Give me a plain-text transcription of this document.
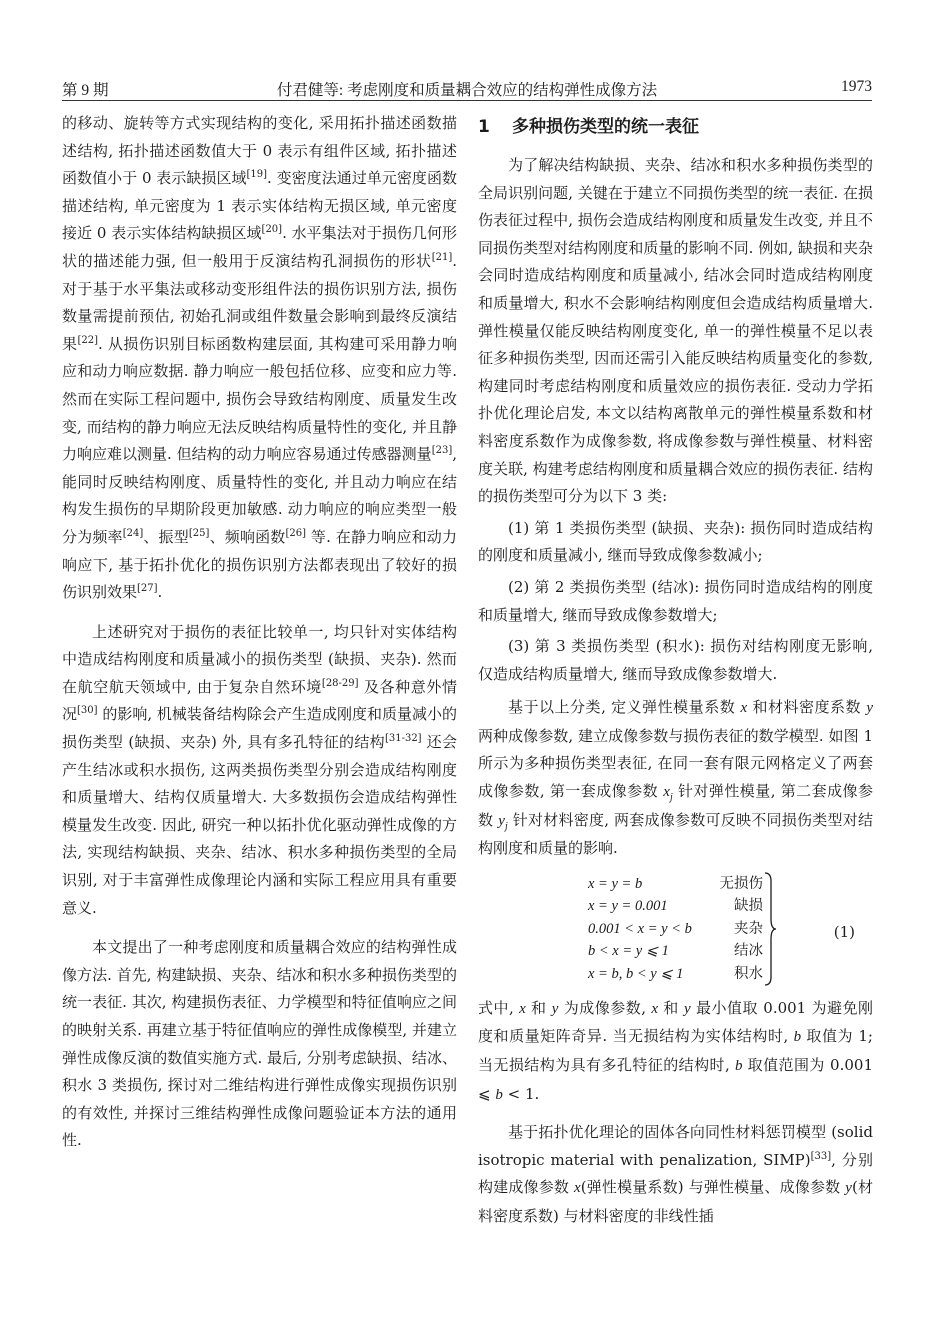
第 9 期	付君健等: 考虑刚度和质量耦合效应的结构弹性成像方法	1973

的移动、旋转等方式实现结构的变化, 采用拓扑描述函数描述结构, 拓扑描述函数值大于 0 表示有组件区域, 拓扑描述函数值小于 0 表示缺损区域[19]. 变密度法通过单元密度函数描述结构, 单元密度为 1 表示实体结构无损区域, 单元密度接近 0 表示实体结构缺损区域[20]. 水平集法对于损伤几何形状的描述能力强, 但一般用于反演结构孔洞损伤的形状[21]. 对于基于水平集法或移动变形组件法的损伤识别方法, 损伤数量需提前预估, 初始孔洞或组件数量会影响到最终反演结果[22]. 从损伤识别目标函数构建层面, 其构建可采用静力响应和动力响应数据. 静力响应一般包括位移、应变和应力等. 然而在实际工程问题中, 损伤会导致结构刚度、质量发生改变, 而结构的静力响应无法反映结构质量特性的变化, 并且静力响应难以测量. 但结构的动力响应容易通过传感器测量[23], 能同时反映结构刚度、质量特性的变化, 并且动力响应在结构发生损伤的早期阶段更加敏感. 动力响应的响应类型一般分为频率[24]、振型[25]、频响函数[26] 等. 在静力响应和动力响应下, 基于拓扑优化的损伤识别方法都表现出了较好的损伤识别效果[27].

上述研究对于损伤的表征比较单一, 均只针对实体结构中造成结构刚度和质量减小的损伤类型 (缺损、夹杂). 然而在航空航天领域中, 由于复杂自然环境[28-29] 及各种意外情况[30] 的影响, 机械装备结构除会产生造成刚度和质量减小的损伤类型 (缺损、夹杂) 外, 具有多孔特征的结构[31-32] 还会产生结冰或积水损伤, 这两类损伤类型分别会造成结构刚度和质量增大、结构仅质量增大. 大多数损伤会造成结构弹性模量发生改变. 因此, 研究一种以拓扑优化驱动弹性成像的方法, 实现结构缺损、夹杂、结冰、积水多种损伤类型的全局识别, 对于丰富弹性成像理论内涵和实际工程应用具有重要意义.

本文提出了一种考虑刚度和质量耦合效应的结构弹性成像方法. 首先, 构建缺损、夹杂、结冰和积水多种损伤类型的统一表征. 其次, 构建损伤表征、力学模型和特征值响应之间的映射关系. 再建立基于特征值响应的弹性成像模型, 并建立弹性成像反演的数值实施方式. 最后, 分别考虑缺损、结冰、积水 3 类损伤, 探讨对二维结构进行弹性成像实现损伤识别的有效性, 并探讨三维结构弹性成像问题验证本方法的通用性.

1 多种损伤类型的统一表征

为了解决结构缺损、夹杂、结冰和积水多种损伤类型的全局识别问题, 关键在于建立不同损伤类型的统一表征. 在损伤表征过程中, 损伤会造成结构刚度和质量发生改变, 并且不同损伤类型对结构刚度和质量的影响不同. 例如, 缺损和夹杂会同时造成结构刚度和质量减小, 结冰会同时造成结构刚度和质量增大, 积水不会影响结构刚度但会造成结构质量增大. 弹性模量仅能反映结构刚度变化, 单一的弹性模量不足以表征多种损伤类型, 因而还需引入能反映结构质量变化的参数, 构建同时考虑结构刚度和质量效应的损伤表征. 受动力学拓扑优化理论启发, 本文以结构离散单元的弹性模量系数和材料密度系数作为成像参数, 将成像参数与弹性模量、材料密度关联, 构建考虑结构刚度和质量耦合效应的损伤表征. 结构的损伤类型可分为以下 3 类:

(1) 第 1 类损伤类型 (缺损、夹杂): 损伤同时造成结构的刚度和质量减小, 继而导致成像参数减小;

(2) 第 2 类损伤类型 (结冰): 损伤同时造成结构的刚度和质量增大, 继而导致成像参数增大;

(3) 第 3 类损伤类型 (积水): 损伤对结构刚度无影响, 仅造成结构质量增大, 继而导致成像参数增大.

基于以上分类, 定义弹性模量系数 x 和材料密度系数 y 两种成像参数, 建立成像参数与损伤表征的数学模型. 如图 1 所示为多种损伤类型表征, 在同一套有限元网格定义了两套成像参数, 第一套成像参数 $x_j$ 针对弹性模量, 第二套成像参数 $y_j$ 针对材料密度, 两套成像参数可反映不同损伤类型对结构刚度和质量的影响.

x = y = b	无损伤
x = y = 0.001	缺损
0.001 < x = y < b	夹杂
b < x = y ⩽ 1	结冰
x = b, b < y ⩽ 1	积水
(1)

式中, x 和 y 为成像参数, x 和 y 最小值取 0.001 为避免刚度和质量矩阵奇异. 当无损结构为实体结构时, b 取值为 1; 当无损结构为具有多孔特征的结构时, b 取值范围为 0.001 ⩽ b < 1.

基于拓扑优化理论的固体各向同性材料惩罚模型 (solid isotropic material with penalization, SIMP)[33], 分别构建成像参数 x(弹性模量系数) 与弹性模量、成像参数 y(材料密度系数) 与材料密度的非线性插
